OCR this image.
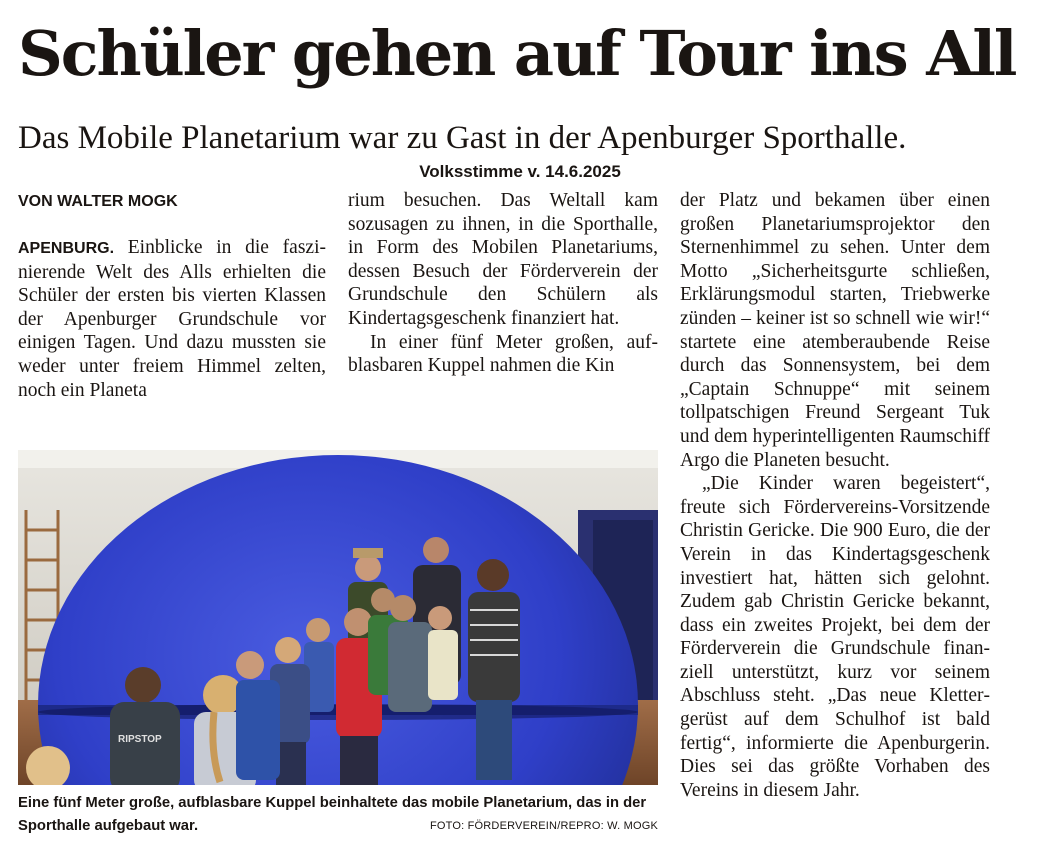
Schüler gehen auf Tour ins All
Das Mobile Planetarium war zu Gast in der Apenburger Sporthalle.
Volksstimme v. 14.6.2025
VON WALTER MOGK

APENBURG. Einblicke in die faszinierende Welt des Alls erhielten die Schüler der ersten bis vierten Klassen der Apenburger Grundschule vor einigen Tagen. Und dazu mussten sie weder unter freiem Himmel zelten, noch ein Planeta

rium besuchen. Das Weltall kam sozusagen zu ihnen, in die Sporthalle, in Form des Mobilen Planetariums, dessen Besuch der Förderverein der Grundschule den Schülern als Kindertagsgeschenk finanziert hat.

In einer fünf Meter großen, aufblasbaren Kuppel nahmen die Kin

der Platz und bekamen über einen großen Planetariumsprojektor den Sternenhimmel zu sehen. Unter dem Motto „Sicherheitsgurte schließen, Erklärungsmodul starten, Triebwerke zünden – keiner ist so schnell wie wir!“ startete eine atemberaubende Reise durch das Sonnensystem, bei dem „Captain Schnuppe“ mit seinem tollpatschigen Freund Sergeant Tuk und dem hyperintelligenten Raumschiff Argo die Planeten besucht.

„Die Kinder waren begeistert“, freute sich Fördervereins-Vorsitzende Christin Gericke. Die 900 Euro, die der Verein in das Kindertagsgeschenk investiert hat, hätten sich gelohnt. Zudem gab Christin Gericke bekannt, dass ein zweites Projekt, bei dem der Förderverein die Grundschule finanziell unterstützt, kurz vor seinem Abschluss steht. „Das neue Klettergerüst auf dem Schulhof ist bald fertig“, informierte die Apenburgerin. Dies sei das größte Vorhaben des Vereins in diesem Jahr.

RIPSTOP
Eine fünf Meter große, aufblasbare Kuppel beinhaltete das mobile Planetarium, das in der Sporthalle aufgebaut war.	FOTO: FÖRDERVEREIN/REPRO: W. MOGK
